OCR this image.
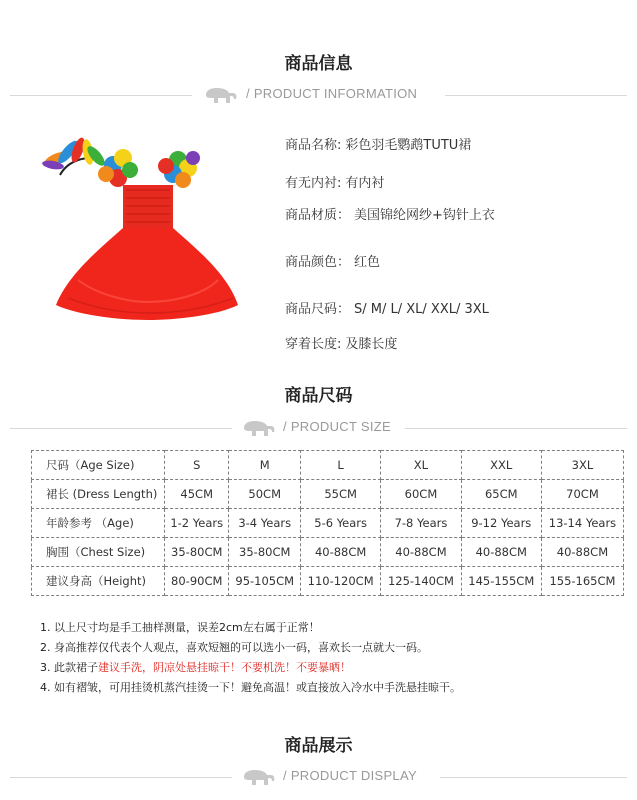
商品信息
/ PRODUCT INFORMATION
商品名称: 彩色羽毛鹦鹉TUTU裙
有无内衬: 有内衬
商品材质： 美国锦纶网纱+钩针上衣
商品颜色： 红色
商品尺码： S/ M/ L/ XL/ XXL/ 3XL
穿着长度: 及膝长度
商品尺码
/ PRODUCT SIZE
尺码（Age Size)	S	M	L	XL	XXL	3XL
裙长 (Dress Length)	45CM	50CM	55CM	60CM	65CM	70CM
年龄参考 （Age)	1-2 Years	3-4 Years	5-6 Years	7-8 Years	9-12 Years	13-14 Years
胸围（Chest Size)	35-80CM	35-80CM	40-88CM	40-88CM	40-88CM	40-88CM
建议身高（Height)	80-90CM	95-105CM	110-120CM	125-140CM	145-155CM	155-165CM
1. 以上尺寸均是手工抽样测量，误差2cm左右属于正常！
2. 身高推荐仅代表个人观点，喜欢短翘的可以选小一码，喜欢长一点就大一码。
3. 此款裙子建议手洗，阴凉处悬挂晾干！不要机洗！不要暴晒！
4. 如有褶皱，可用挂烫机蒸汽挂烫一下！避免高温！或直接放入冷水中手洗悬挂晾干。
商品展示
/ PRODUCT DISPLAY
